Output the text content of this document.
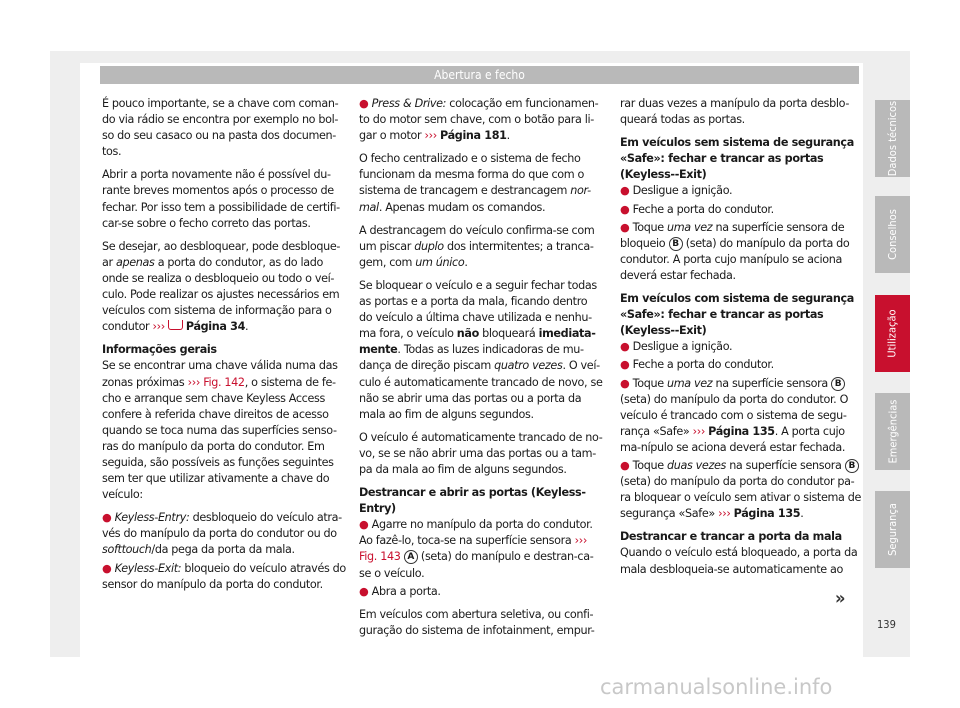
Abertura e fecho

É pouco importante, se a chave com coman-do via rádio se encontra por exemplo no bol-so do seu casaco ou na pasta dos documen-tos.

Abrir a porta novamente não é possível du-rante breves momentos após o processo de fechar. Por isso tem a possibilidade de certifi-car-se sobre o fecho correto das portas.

Se desejar, ao desbloquear, pode desbloque-ar apenas a porta do condutor, as do lado onde se realiza o desbloqueio ou todo o veí-culo. Pode realizar os ajustes necessários em veículos com sistema de informação para o condutor ››› Página 34.

Informações gerais

Se se encontrar uma chave válida numa das zonas próximas ››› Fig. 142, o sistema de fe-cho e arranque sem chave Keyless Access confere à referida chave direitos de acesso quando se toca numa das superfícies senso-ras do manípulo da porta do condutor. Em seguida, são possíveis as funções seguintes sem ter que utilizar ativamente a chave do veículo:

● Keyless-Entry: desbloqueio do veículo atra-vés do manípulo da porta do condutor ou do softtouch/da pega da porta da mala.

● Keyless-Exit: bloqueio do veículo através do sensor do manípulo da porta do condutor.

● Press & Drive: colocação em funcionamen-to do motor sem chave, com o botão para li-gar o motor ››› Página 181.

O fecho centralizado e o sistema de fecho funcionam da mesma forma do que com o sistema de trancagem e destrancagem nor-mal. Apenas mudam os comandos.

A destrancagem do veículo confirma-se com um piscar duplo dos intermitentes; a tranca-gem, com um único.

Se bloquear o veículo e a seguir fechar todas as portas e a porta da mala, ficando dentro do veículo a última chave utilizada e nenhu-ma fora, o veículo não bloqueará imediata-mente. Todas as luzes indicadoras de mu-dança de direção piscam quatro vezes. O veí-culo é automaticamente trancado de novo, se não se abrir uma das portas ou a porta da mala ao fim de alguns segundos.

O veículo é automaticamente trancado de no-vo, se se não abrir uma das portas ou a tam-pa da mala ao fim de alguns segundos.

Destrancar e abrir as portas (Keyless-Entry)

● Agarre no manípulo da porta do condutor. Ao fazê-lo, toca-se na superfície sensora ››› Fig. 143 A (seta) do manípulo e destran-ca-se o veículo.

● Abra a porta.

Em veículos com abertura seletiva, ou confi-guração do sistema de infotainment, empur-

rar duas vezes a manípulo da porta desblo-queará todas as portas.

Em veículos sem sistema de segurança «Safe»: fechar e trancar as portas (Keyless--Exit)

● Desligue a ignição.

● Feche a porta do condutor.

● Toque uma vez na superfície sensora de bloqueio B (seta) do manípulo da porta do condutor. A porta cujo manípulo se aciona deverá estar fechada.

Em veículos com sistema de segurança «Safe»: fechar e trancar as portas (Keyless--Exit)

● Desligue a ignição.

● Feche a porta do condutor.

● Toque uma vez na superfície sensora B (seta) do manípulo da porta do condutor. O veículo é trancado com o sistema de segu-rança «Safe» ››› Página 135. A porta cujo ma-nípulo se aciona deverá estar fechada.

● Toque duas vezes na superfície sensora B (seta) do manípulo da porta do condutor pa-ra bloquear o veículo sem ativar o sistema de segurança «Safe» ››› Página 135.

Destrancar e trancar a porta da mala

Quando o veículo está bloqueado, a porta da mala desbloqueia-se automaticamente ao

»
Dados técnicos
Conselhos
Utilização
Emergências
Segurança
139
carmanualsonline.info
